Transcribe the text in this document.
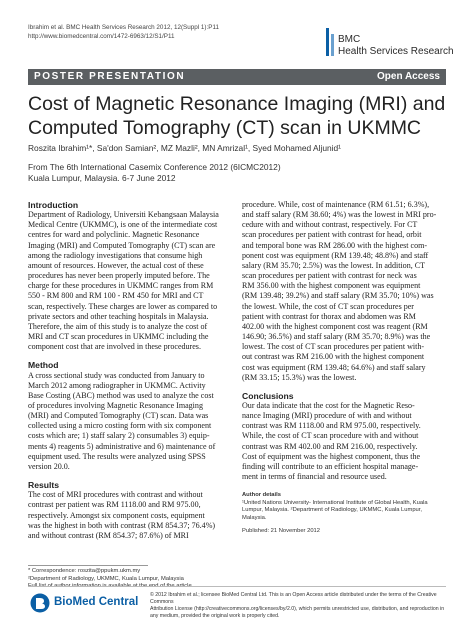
Ibrahim et al. BMC Health Services Research 2012, 12(Suppl 1):P11
http://www.biomedcentral.com/1472-6963/12/S1/P11	BMC
Health Services Research
POSTER PRESENTATION	Open Access
Cost of Magnetic Resonance Imaging (MRI) and
Computed Tomography (CT) scan in UKMMC
Roszita Ibrahim¹*, Sa'don Samian², MZ Mazli², MN Amrizal¹, Syed Mohamed Aljunid¹
From The 6th International Casemix Conference 2012 (6ICMC2012)
Kuala Lumpur, Malaysia. 6-7 June 2012
Introduction
Department of Radiology, Universiti Kebangsaan Malaysia
Medical Centre (UKMMC), is one of the intermediate cost
centres for ward and polyclinic. Magnetic Resonance
Imaging (MRI) and Computed Tomography (CT) scan are
among the radiology investigations that consume high
amount of resources. However, the actual cost of these
procedures has never been properly imputed before. The
charge for these procedures in UKMMC ranges from RM
550 - RM 800 and RM 100 - RM 450 for MRI and CT
scan, respectively. These charges are lower as compared to
private sectors and other teaching hospitals in Malaysia.
Therefore, the aim of this study is to analyze the cost of
MRI and CT scan procedures in UKMMC including the
component cost that are involved in these procedures.
Method
A cross sectional study was conducted from January to
March 2012 among radiographer in UKMMC. Activity
Base Costing (ABC) method was used to analyze the cost
of procedures involving Magnetic Resonance Imaging
(MRI) and Computed Tomography (CT) scan. Data was
collected using a micro costing form with six component
costs which are; 1) staff salary 2) consumables 3) equip-
ments 4) reagents 5) administrative and 6) maintenance of
equipment used. The results were analyzed using SPSS
version 20.0.
Results
The cost of MRI procedures with contrast and without
contrast per patient was RM 1118.00 and RM 975.00,
respectively. Amongst six component costs, equipment
was the highest in both with contrast (RM 854.37; 76.4%)
and without contrast (RM 854.37; 87.6%) of MRI
* Correspondence: roszita@ppukm.ukm.my
²Department of Radiology, UKMMC, Kuala Lumpur, Malaysia
procedure. While, cost of maintenance (RM 61.51; 6.3%),
and staff salary (RM 38.60; 4%) was the lowest in MRI pro-
cedure with and without contrast, respectively. For CT
scan procedures per patient with contrast for head, orbit
and temporal bone was RM 286.00 with the highest com-
ponent cost was equipment (RM 139.48; 48.8%) and staff
salary (RM 35.70; 2.5%) was the lowest. In addition, CT
scan procedures per patient with contrast for neck was
RM 356.00 with the highest component was equipment
(RM 139.48; 39.2%) and staff salary (RM 35.70; 10%) was
the lowest. While, the cost of CT scan procedures per
patient with contrast for thorax and abdomen was RM
402.00 with the highest component cost was reagent (RM
146.90; 36.5%) and staff salary (RM 35.70; 8.9%) was the
lowest. The cost of CT scan procedures per patient with-
out contrast was RM 216.00 with the highest component
cost was equipment (RM 139.48; 64.6%) and staff salary
(RM 33.15; 15.3%) was the lowest.
Conclusions
Our data indicate that the cost for the Magnetic Reso-
nance Imaging (MRI) procedure of with and without
contrast was RM 1118.00 and RM 975.00, respectively.
While, the cost of CT scan procedure with and without
contrast was RM 402.00 and RM 216.00, respectively.
Cost of equipment was the highest component, thus the
finding will contribute to an efficient hospital manage-
ment in terms of financial and resource used.
Author details
¹United Nations University- International Institute of Global Health, Kuala
Lumpur, Malaysia. ²Department of Radiology, UKMMC, Kuala Lumpur,
Malaysia.
Published: 21 November 2012
BioMed Central
© 2012 Ibrahim et al.; licensee BioMed Central Ltd. This is an Open Access article distributed under the terms of the Creative Commons
Attribution License (http://creativecommons.org/licenses/by/2.0), which permits unrestricted use, distribution, and reproduction in
any medium, provided the original work is properly cited.
